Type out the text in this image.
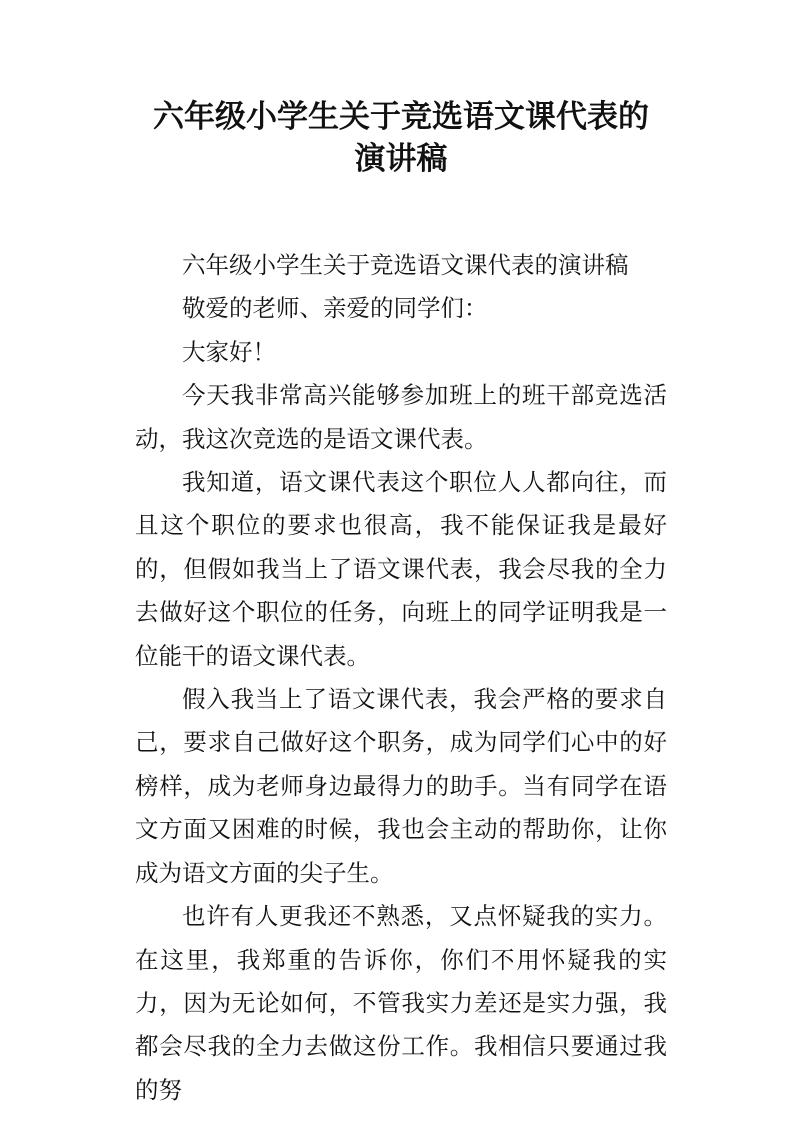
六年级小学生关于竞选语文课代表的
演讲稿

六年级小学生关于竞选语文课代表的演讲稿

敬爱的老师、亲爱的同学们：

大家好！

今天我非常高兴能够参加班上的班干部竞选活动，我这次竞选的是语文课代表。

我知道，语文课代表这个职位人人都向往，而且这个职位的要求也很高，我不能保证我是最好的，但假如我当上了语文课代表，我会尽我的全力去做好这个职位的任务，向班上的同学证明我是一位能干的语文课代表。

假入我当上了语文课代表，我会严格的要求自己，要求自己做好这个职务，成为同学们心中的好榜样，成为老师身边最得力的助手。当有同学在语文方面又困难的时候，我也会主动的帮助你，让你成为语文方面的尖子生。

也许有人更我还不熟悉，又点怀疑我的实力。在这里，我郑重的告诉你，你们不用怀疑我的实力，因为无论如何，不管我实力差还是实力强，我都会尽我的全力去做这份工作。我相信只要通过我的努
